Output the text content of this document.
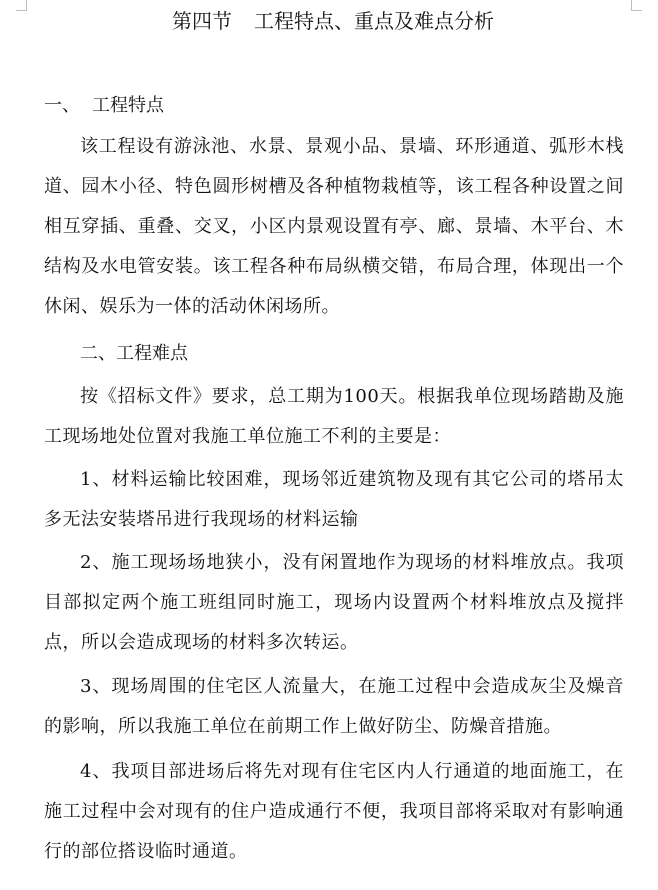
第四节 工程特点、重点及难点分析
一、 工程特点
该工程设有游泳池、水景、景观小品、景墙、环形通道、弧形木栈道、园木小径、特色圆形树槽及各种植物栽植等，该工程各种设置之间相互穿插、重叠、交叉，小区内景观设置有亭、廊、景墙、木平台、木结构及水电管安装。该工程各种布局纵横交错，布局合理，体现出一个休闲、娱乐为一体的活动休闲场所。
二、工程难点
按《招标文件》要求，总工期为100天。根据我单位现场踏勘及施工现场地处位置对我施工单位施工不利的主要是：
1、材料运输比较困难，现场邻近建筑物及现有其它公司的塔吊太多无法安装塔吊进行我现场的材料运输
2、施工现场场地狭小，没有闲置地作为现场的材料堆放点。我项目部拟定两个施工班组同时施工，现场内设置两个材料堆放点及搅拌点，所以会造成现场的材料多次转运。
3、现场周围的住宅区人流量大，在施工过程中会造成灰尘及燥音的影响，所以我施工单位在前期工作上做好防尘、防燥音措施。
4、我项目部进场后将先对现有住宅区内人行通道的地面施工，在施工过程中会对现有的住户造成通行不便，我项目部将采取对有影响通行的部位搭设临时通道。
